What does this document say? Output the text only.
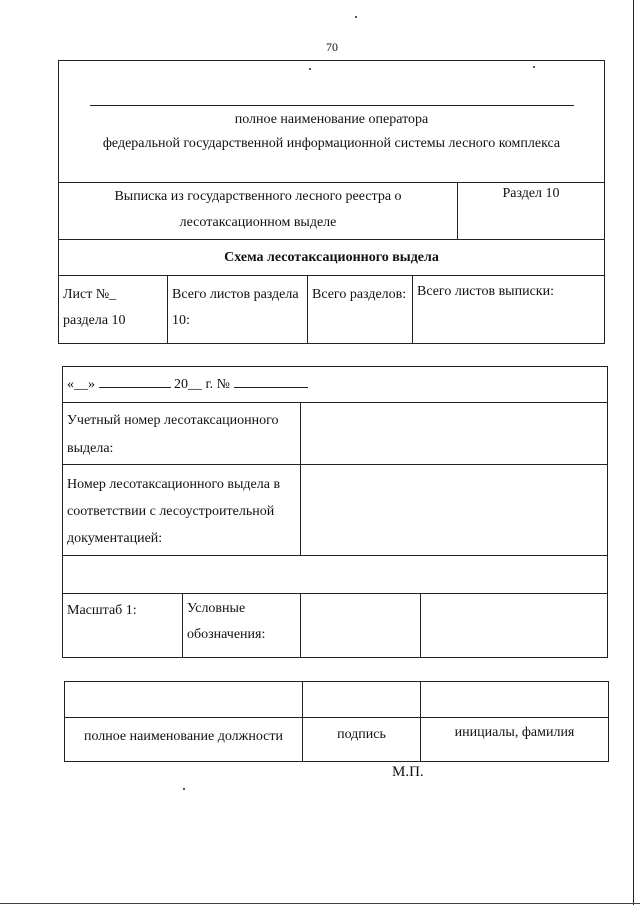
70
полное наименование оператора
федеральной государственной информационной системы лесного комплекса

Выписка из государственного лесного реестра о лесотаксационном выделе	Раздел 10
Схема лесотаксационного выдела
Лист №_ раздела 10	Всего листов раздела 10:	Всего разделов:	Всего листов выписки:
«__» 20__ г. №			
Учетный номер лесотаксационного выдела:			
Номер лесотаксационного выдела в соответствии с лесоустроительной документацией:			

Масштаб 1:	Условные обозначения:		

полное наименование должности	подпись	инициалы, фамилия
М.П.
